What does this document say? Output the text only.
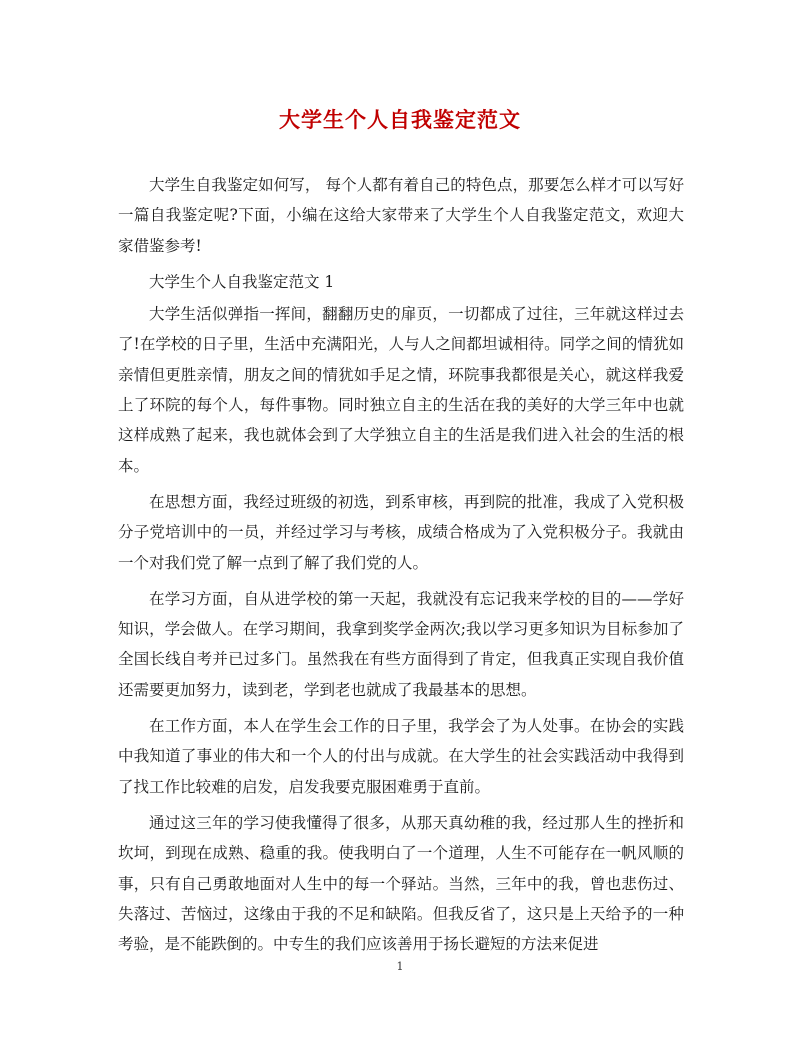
大学生个人自我鉴定范文

大学生自我鉴定如何写， 每个人都有着自己的特色点，那要怎么样才可以写好一篇自我鉴定呢?下面，小编在这给大家带来了大学生个人自我鉴定范文，欢迎大家借鉴参考!

大学生个人自我鉴定范文 1

大学生活似弹指一挥间，翻翻历史的扉页，一切都成了过往，三年就这样过去了!在学校的日子里，生活中充满阳光，人与人之间都坦诚相待。同学之间的情犹如亲情但更胜亲情，朋友之间的情犹如手足之情，环院事我都很是关心，就这样我爱上了环院的每个人，每件事物。同时独立自主的生活在我的美好的大学三年中也就这样成熟了起来，我也就体会到了大学独立自主的生活是我们进入社会的生活的根本。

在思想方面，我经过班级的初选，到系审核，再到院的批准，我成了入党积极分子党培训中的一员，并经过学习与考核，成绩合格成为了入党积极分子。我就由一个对我们党了解一点到了解了我们党的人。

在学习方面，自从进学校的第一天起，我就没有忘记我来学校的目的——学好知识，学会做人。在学习期间，我拿到奖学金两次;我以学习更多知识为目标参加了全国长线自考并已过多门。虽然我在有些方面得到了肯定，但我真正实现自我价值还需要更加努力，读到老，学到老也就成了我最基本的思想。

在工作方面，本人在学生会工作的日子里，我学会了为人处事。在协会的实践中我知道了事业的伟大和一个人的付出与成就。在大学生的社会实践活动中我得到了找工作比较难的启发，启发我要克服困难勇于直前。

通过这三年的学习使我懂得了很多，从那天真幼稚的我，经过那人生的挫折和坎坷，到现在成熟、稳重的我。使我明白了一个道理，人生不可能存在一帆风顺的事，只有自己勇敢地面对人生中的每一个驿站。当然，三年中的我，曾也悲伤过、失落过、苦恼过，这缘由于我的不足和缺陷。但我反省了，这只是上天给予的一种考验，是不能跌倒的。中专生的我们应该善用于扬长避短的方法来促进

1
